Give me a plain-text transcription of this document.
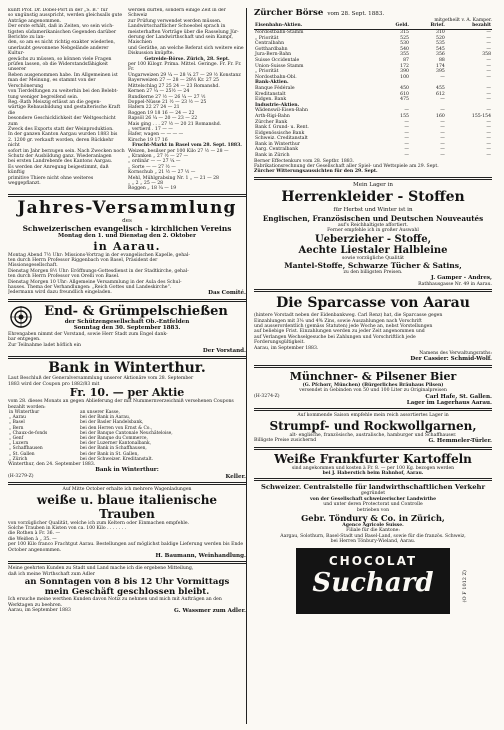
kunft Prof. Dr. Dobel-Port in der „S. B.“ für

so ungünstig ausspricht, werden gleichsalls gute

Anträge angenommen.

Der erste erhält, daß in Zeiten, wo sein wich-

tigsten südamerikanischen Gegenden darüber Berichte zu lan-

den, so am es nicht richtig exakter wiederlen,

unerlaubt gewonnene Nebgelände anderer Kultur-

gewächs zu müssen, so können viele Fragen

prüfen lassen, ob die Widerstandsfähigkeit unserer

Reben ausgenommen habe. Im Allgemeinen ist

man der Meinung, es stammt von der Verschönerung

von Tierdelfungen zu weiterhin bei den Belebt-

tung weniger begreifend sein.

Reg.-Rath Meiszig erlässt an die gegen-

wärtige Rebausbildung und gestalterische Kraft die

besondere Geschicklichkeit der Weltgeschicht zum

Zweck des Exports statt der Weinproduktion.

In der ganzen Kanton Aargau wurden 1883 bis

2. 1200 gr. verkauft worden, deren Rückkehr nicht

sofort im Jahr berzugen sein. Nach Zwecken noch

Schutz der Ausbildung ganz. Wiederanlagen

bei ersten Landrebenfe des Kantons Aargau.

Es werden der Anregung beigestimmt, daß künftig

primitive Thiere nicht ohne weiteres weggepflanzt.

werden dürfen, sondern einige Zeit in der Schweiz

zur Prüfung verwendet werden müssen.

Landwirtschaftlicher Schoeobel sprach in

meisterhaften Vorträge über die Rasselung Jür-

derung der Landwirthschaft und sein Kampf, Maischien

und Geräthe, an welche Referat sich weitere eine

Diskussion knüpfte.

Getreide-Börse. Zürich, 28. Sept.

per 100 Kilogr. Prima. Mittel. Geringe. Fr. Fr. Fr. Fr.

Ungarweizen 29 ¼ — 28 ¼ 27 — 29 ½ Konstanz

Bayerweizen 27 — 28 — 28½ Kr. 27 25

Mittelschlag 27 25 24 — 23 Romanshd.

Kernen 27 ¼ — 25½ — 24

Rundkerne 27 ½ — 26 ¼ — 27 ½

Doppel-Nüsse 21 ½ — 23 ½ — 25

Hafern 22 27 24 — 21

Roggen 19 18 16 — 24 — 22

Rapsöl 26 ¼ — 20 — 23 — 22

Mais ging . . . 27 ½ — 20 21 Romanshd.

„ vertierd . 17 — —

Hafer, wagen — — — —

Kirsche 19 17 16

Frucht-Markt in Basel vom 28. Sept. 1883.

Weizen, besilser per 100 Kilo 27 ½ — 28 —

„ Kranken „ 27 ½ — 27 —

„ ordinär — — 27 ¼ —

„ Sorte — — 27 ½ —

Kornschub „ 21 ½ — 27 ½ —

Mehl, Mühlgrabsing Nr. 1 „ — 21 — 28

„ „ 2 „ 25 — 28

Roggen „ 18 ¼ — 19

Jahres-Versammlung

des

Schweizerischen evangelisch - kirchlichen Vereins

Montag den 1. und Dienstag den 2. Oktober

in Aarau.

Montag Abend 7½ Uhr: Missions-Vortrag in der evangelischen Kapelle, gehal-

ten durch Herrn Professor Riggenbach von Basel, Präsident der

Missionsgesellschaft.

Dienstag Morgen 8½ Uhr: Eröffnungs-Gottesdienst in der Stadtkirche, gehal-

ten durch Herrn Professor von Orelli von Basel.

Dienstag Morgen 10 Uhr: Allgemeine Versammlung in der Aula des Schul-

hauses. Thema der Verhandlungen: „Reich Gottes und Landeskirche“.

Jedermann wird dazu freundlich eingeladen.	Das Comité.

End- & Grümpelschießen

der Schützengesellschaft Ob.-Entfelden

Sonntag den 30. September 1883.

Ehrengaben nimmt der Vorstand, sowie Herr Stadt zum Engel dank-

bar entgegen.

Zur Teilnahme ladet höflich ein

Der Vorstand.

Bank in Winterthur.

Laut Beschluß der Generalversammlung unserer Aktionäre vom 28. September

1883 wird der Coupon pro 1882/83 mit

Fr. 10. — per Aktie

vom 28. dieses Monats an gegen Ablieferung der mit Nummernverzeichniß versehenen Coupons bezahlt worden:

in Winterthur	an unserer Kasse,
„ Aarau	bei der Bank in Aarau,
„ Basel	bei der Basler Handelsbank,
„ Bern	bei den Herren von Ernst & Co.,
„ Chaux-de-fonds	bei der Banque Cantonale Neuchâteloise,
„ Genf	bei der Banque du Commerce,
„ Luzern	bei der Luzerner Kantonalbank,
„ Schaffhausen	bei der Bank in Schaffhausen,
„ St. Gallen	bei der Bank in St. Gallen,
„ Zürich	bei der Schweizer. Kreditanstalt.

Winterthur, den 24. September 1883.

Bank in Winterthur:

(H-3279-Z)	Keller.

Auf Mitte October erhalte ich mehrere Wagenladungen

weiße u. blaue italienische Trauben

von vorzüglicher Qualität, welche ich zum Keltern oder Einmachen empfehle.

Solche Trauben in Kisten von ca. 100 Kilo . . . . . . .

die Rothen à Fr. 36. —

die Weißen à „ 35. —

per 100 Kilo franco Frachtgut Aarau. Bestellungen auf möglichst baldige Lieferung werden bis Ende October angenommen.

H. Baumann, Weinhandlung.

Meine geehrten Kunden zu Stadt und Land mache ich die ergebene Mitteilung,

daß ich meine Wirthschaft zum Adler

an Sonntagen von 8 bis 12 Uhr Vormittags

mein Geschäft geschlossen bleibt.

Ich ersuche meine werthen Kunden davon Notiz zu nehmen und mich mit Aufträgen an den Werktagen zu beehren.

Aarau, im September 1883	G. Wassmer zum Adler.

Zürcher Börse vom 28. Sept. 1883.

mitgetheilt v. A. Kamper.

Eisenbahn-Aktien.	Geld.	Brief.	bezahlt
Nordostbahn-Stamm	315	310	—
„ Priorität	525	520	—
Centralbahn	530	535	—
Gotthardbahn	540	545	—
Jura-Bern-Bahn	355	356	358
Suisse Occidentale	87	88	—
Union-Suisse Stamm	172	174	—
„ Priorität	390	395	—
Nordostbahn-Obl.	100	—	—
Bank-Aktien.			
Banque Fédérale	450	455	—
Kreditanstalt	610	612	—
Eidgen. Bank	475	—	—
Industrie-Aktien.			
Wädenswil-Eisen-Bahn	—	—	—
Arth-Rigi-Bahn	155	160	155-154
Zürcher Bank	—	—	—
Bank f. Grund- u. Rent.	—	—	—
Eidgenössische Bank	—	—	—
Schweiz. Creditanstalt	—	—	—
Bank in Winterthur	—	—	—
Aarg. Centralbank	—	—	—
Bank in Zürich	—	—	—

Berner Effectenkurs vom 28. Septbr. 1883.

Fabrikationsrechnung der Gesellschaft aller Spiel- und Wettspiele am 29. Sept.

Zürcher Witterungsaussichten für den 29. Sept.

Mein Lager in

Herrenkleider - Stoffen

für Herbst und Winter ist in

Englischen, Französischen und Deutschen Nouveautés

auf's Reichhaltigste affortiert.

Ferner empfehle ich in großer Auswahl

Ueberzieher - Stoffe,

Aechte Liestaler Halbleine

sowie vorzügliche Qualität

Mantel-Stoffe, Schwarze Tücher & Satins,

zu den billigsten Preisen.

J. Gamper - Andres,

Rathhausgasse Nr. 49 in Aarau.

Die Sparcasse von Aarau

(hintere Vorstadt neben der Eidenbankweg. Carl Renz) hat, die Sparcasse gegen

Einzahlungen mit 3⅜ und 4% Zins, sowie Auszahlungen nach Vorschrift

und ausserordentlich (gemäss Statuten) jede Woche an, nebst Vorstellungen

auf beliebige Frist. Einzahlungen werden zu jeder Zeit angenommen und

auf Verlangen Wechselgesuche bei Zahlungen und Vorschriftlich jede

Forderungsgültigkeit.

Aarau, im September 1883.

Namens des Verwaltungsraths:

Der Cassier: Schmid-Wolf.

Münchner- & Pilsener Bier

(G. Pfchorr, München) (Bürgerliches Bräuhaus Pilsen)

versendet in Gebinden von 50 und 100 Liter zu Originalpreisen

(H-3274-Z)	Carl Hafe, St. Gallen.

Lager im Lagerhaus Aarau.

Auf kommende Saison empfehle mein reich assortiertes Lager in

Strumpf- und Rockwollgarnen,

alt- englische, französische, australische, hamburger und Schaffhauser.

Billigste Preise zusichernd	G. Hemmeler-Türler.

Weiße Frankfurter Kartoffeln

sind angekommen und kosten à Fr. 8. — per 100 Kg. bezogen werden

bei J. Haberstich beim Bahnhof, Aarau.

Schweizer. Centralstelle für landwirthschaftlichen Verkehr

gegründet

von der Gesellschaft schweizerischer Landwirthe

und unter deren Protectorat und Controlle

betrieben von

Gebr. Töndury & Co. in Zürich,

Agence Agricole Suisse.

Filiale für die Kantone:

Aargau, Solothurn, Basel-Stadt und Basel-Land, sowie für die französ. Schweiz,

bei Herren Tönbury-Wieland, Aarau.

CHOCOLAT
Suchard	(O F 1012 Z)
